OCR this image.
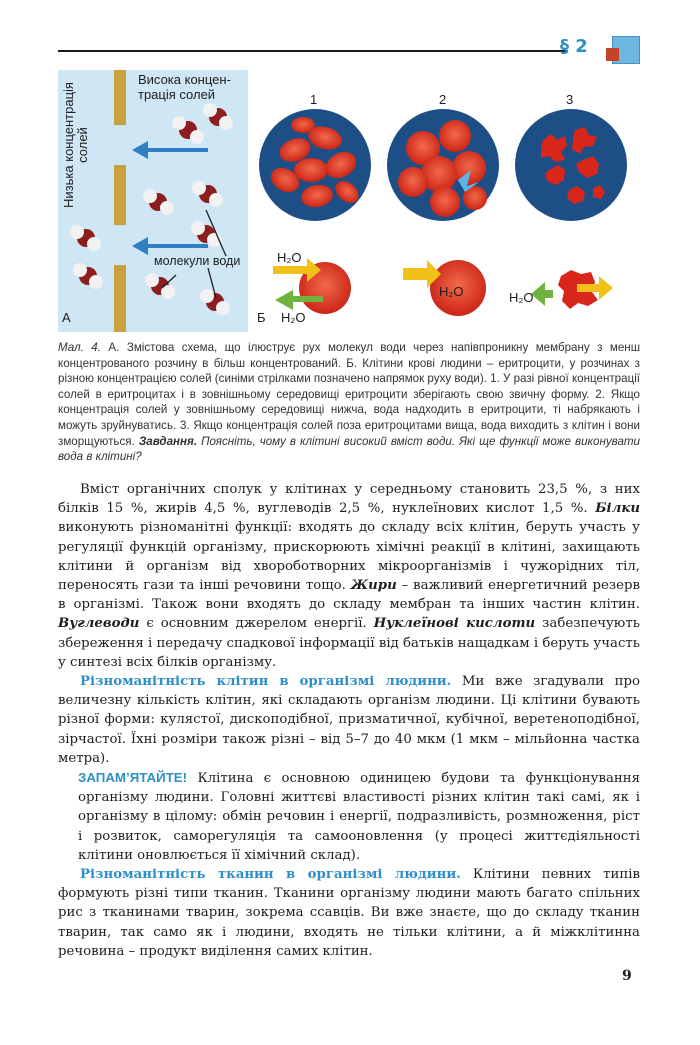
§ 2
Висока концен-
трація солей
Низька концентрація солей
молекули води
А
1	2	3
H₂O
H₂O
H₂O	H₂O
Б
Мал. 4. А. Змістова схема, що ілюструє рух молекул води через напівпроникну мембрану з менш концентрованого розчину в більш концентрований. Б. Клітини крові людини – еритроцити, у розчинах з різною концентрацією солей (синіми стрілками позначено напрямок руху води). 1. У разі рівної концентрації солей в еритроцитах і в зовнішньому середовищі еритроцити зберігають свою звичну форму. 2. Якщо концентрація солей у зовнішньому середовищі нижча, вода надходить в еритроцити, ті набрякають і можуть зруйнуватись. 3. Якщо концентрація солей поза еритроцитами вища, вода виходить з клітин і вони зморщуються. Завдання. Поясніть, чому в клітині високий вміст води. Які ще функції може виконувати вода в клітині?

Вміст органічних сполук у клітинах у середньому становить 23,5 %, з них білків 15 %, жирів 4,5 %, вуглеводів 2,5 %, нуклеїнових кислот 1,5 %. Білки виконують різноманітні функції: входять до складу всіх клітин, беруть участь у регуляції функцій організму, прискорюють хімічні реакції в клітині, захищають клітини й організм від хвороботворних мікроорганізмів і чужорідних тіл, переносять гази та інші речовини тощо. Жири – важливий енергетичний резерв в організмі. Також вони входять до складу мембран та інших частин клітин. Вуглеводи є основним джерелом енергії. Нуклеїнові кислоти забезпечують збереження і передачу спадкової інформації від батьків нащадкам і беруть участь у синтезі всіх білків організму.

Різноманітність клітин в організмі людини. Ми вже згадували про величезну кількість клітин, які складають організм людини. Ці клітини бувають різної форми: кулястої, дископодібної, призматичної, кубічної, веретеноподібної, зірчастої. Їхні розміри також різні – від 5–7 до 40 мкм (1 мкм – мільйонна частка метра).

ЗАПАМ’ЯТАЙТЕ! Клітина є основною одиницею будови та функціонування організму людини. Головні життєві властивості різних клітин такі самі, як і організму в цілому: обмін речовин і енергії, подразливість, розмноження, ріст і розвиток, саморегуляція та самооновлення (у процесі життєдіяльності клітини оновлюється її хімічний склад).

Різноманітність тканин в організмі людини. Клітини певних типів формують різні типи тканин. Тканини організму людини мають багато спільних рис з тканинами тварин, зокрема ссавців. Ви вже знаєте, що до складу тканин тварин, так само як і людини, входять не тільки клітини, а й міжклітинна речовина – продукт виділення самих клітин.

9
